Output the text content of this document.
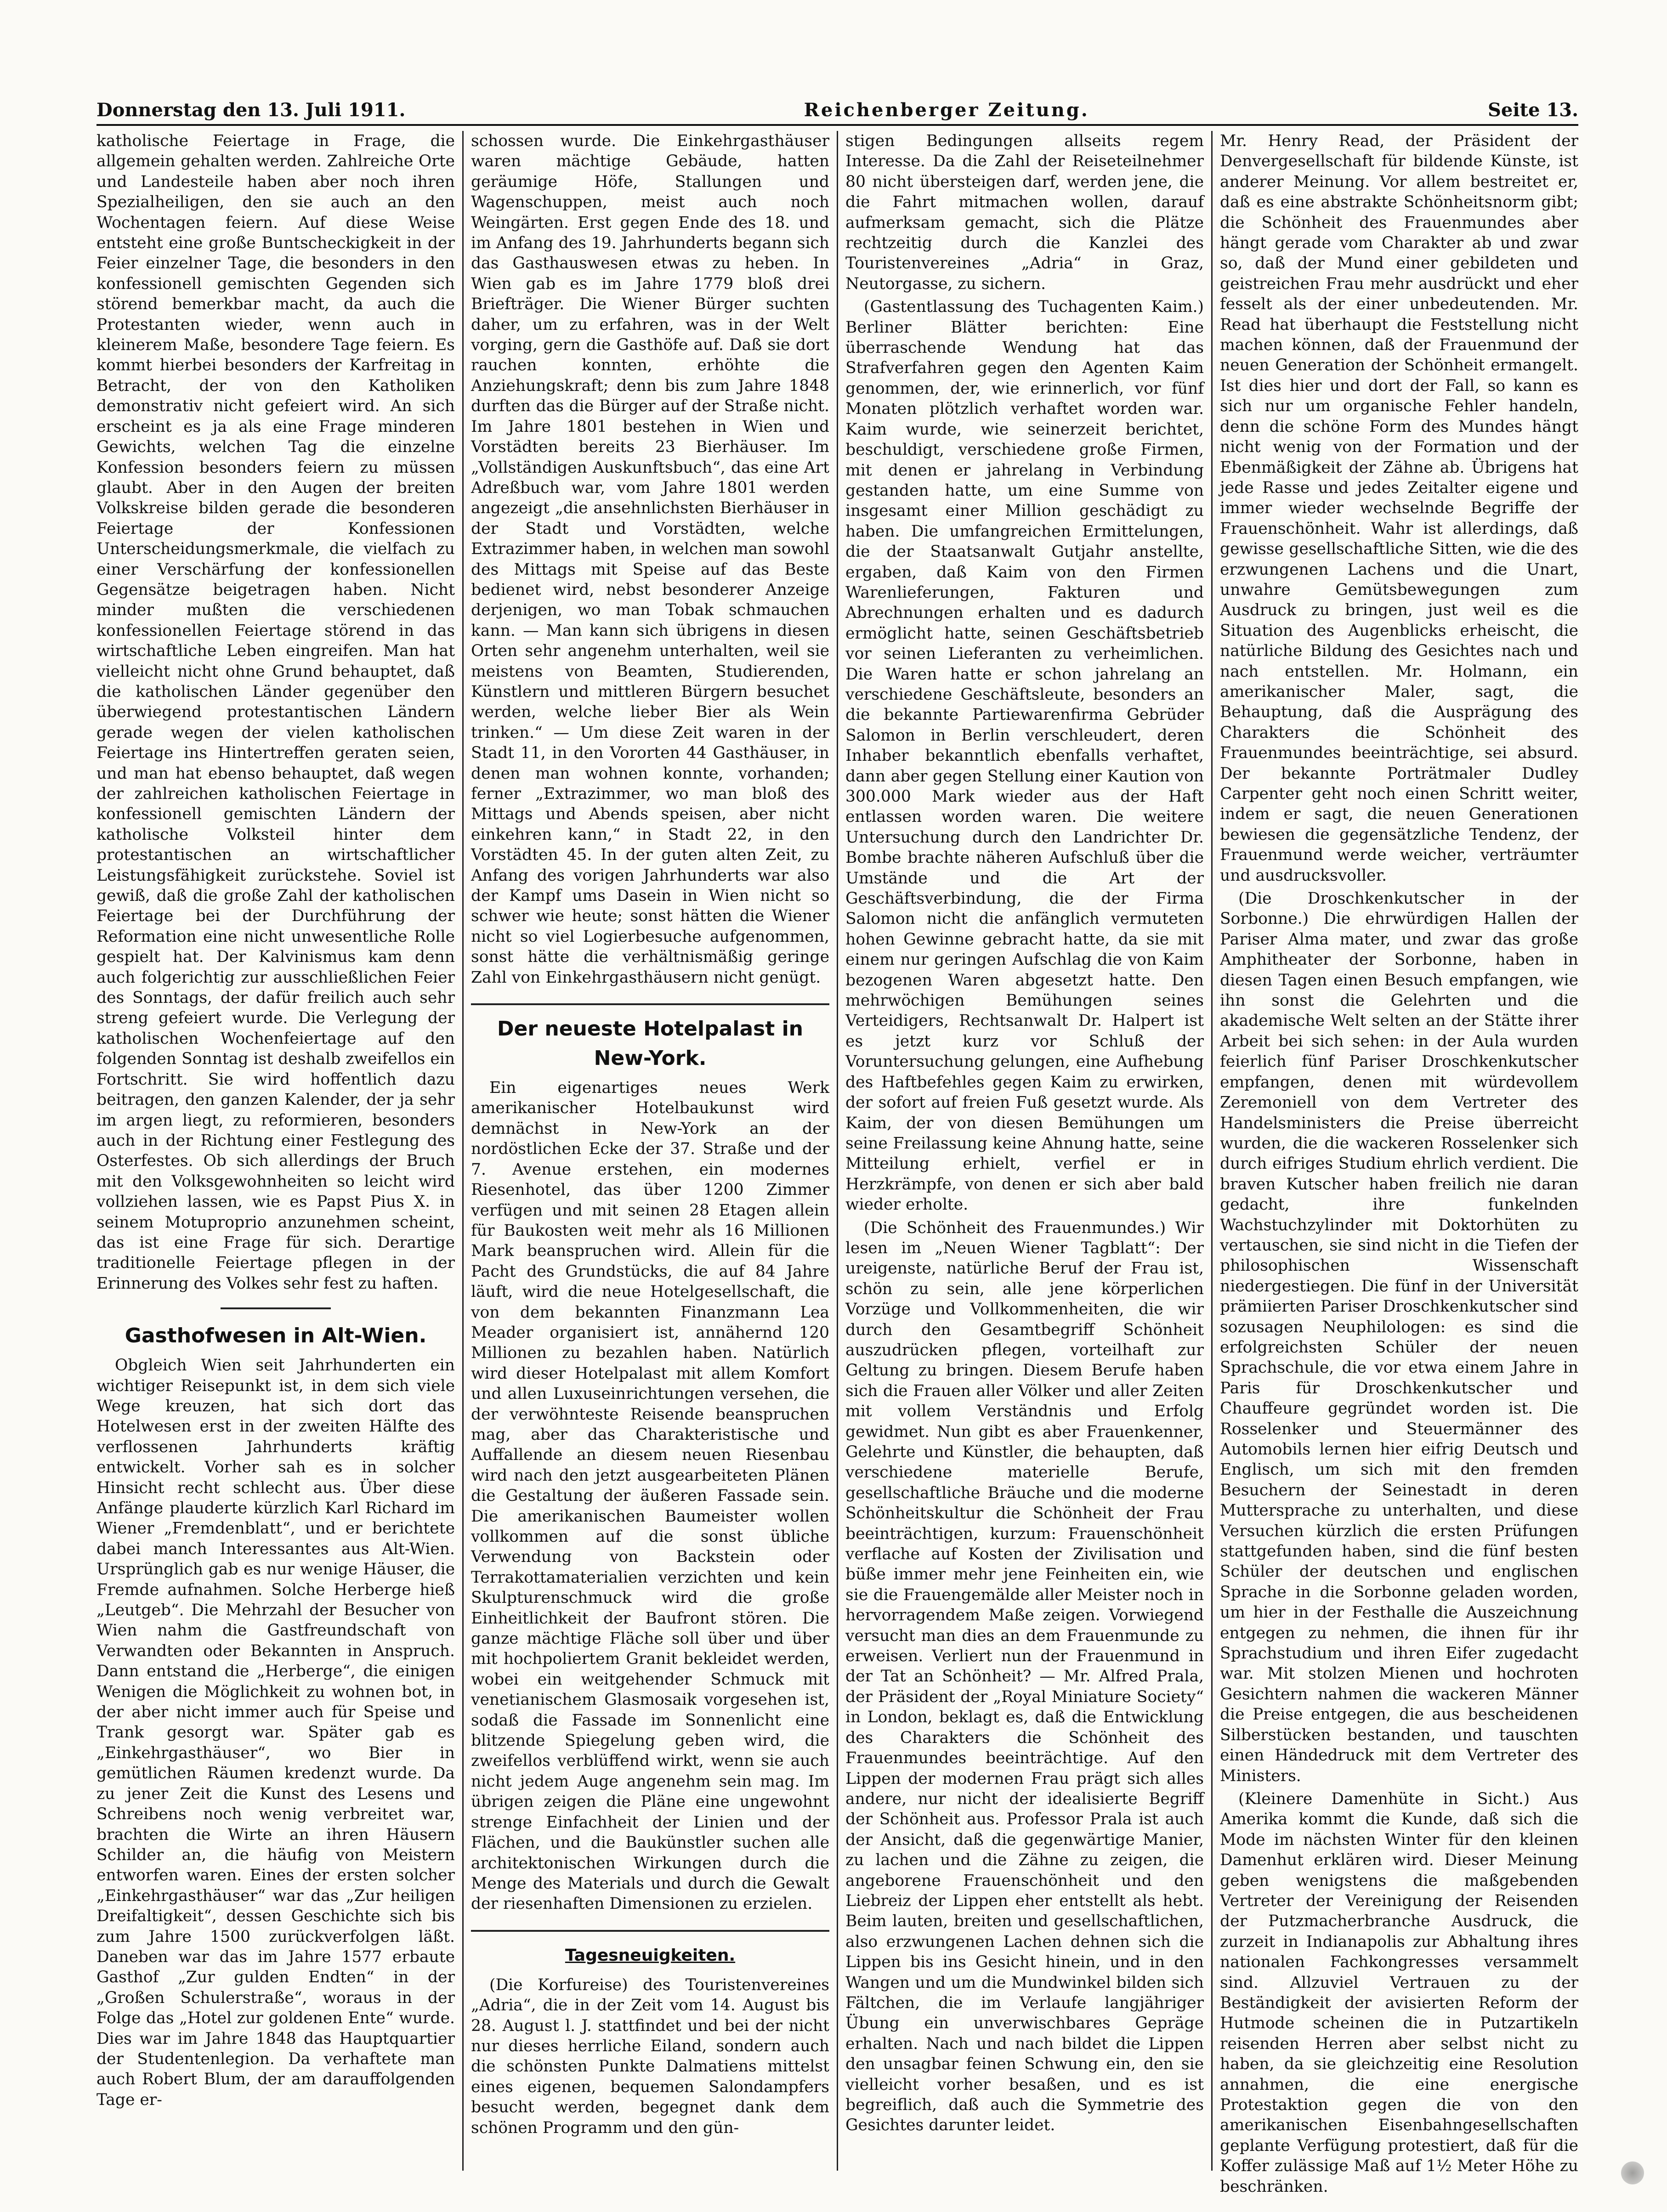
Donnerstag den 13. Juli 1911.	Reichenberger Zeitung.	Seite 13.

katholische Feiertage in Frage, die allgemein gehalten werden. Zahlreiche Orte und Landesteile haben aber noch ihren Spezialheiligen, den sie auch an den Wochentagen feiern. Auf diese Weise entsteht eine große Buntscheckigkeit in der Feier einzelner Tage, die besonders in den konfessionell gemischten Gegenden sich störend bemerkbar macht, da auch die Protestanten wieder, wenn auch in kleinerem Maße, besondere Tage feiern. Es kommt hierbei besonders der Karfreitag in Betracht, der von den Katholiken demonstrativ nicht gefeiert wird. An sich erscheint es ja als eine Frage minderen Gewichts, welchen Tag die einzelne Konfession besonders feiern zu müssen glaubt. Aber in den Augen der breiten Volkskreise bilden gerade die besonderen Feiertage der Konfessionen Unterscheidungsmerkmale, die vielfach zu einer Verschärfung der konfessionellen Gegensätze beigetragen haben. Nicht minder mußten die verschiedenen konfessionellen Feiertage störend in das wirtschaftliche Leben eingreifen. Man hat vielleicht nicht ohne Grund behauptet, daß die katholischen Länder gegenüber den überwiegend protestantischen Ländern gerade wegen der vielen katholischen Feiertage ins Hintertreffen geraten seien, und man hat ebenso behauptet, daß wegen der zahlreichen katholischen Feiertage in konfessionell gemischten Ländern der katholische Volksteil hinter dem protestantischen an wirtschaftlicher Leistungsfähigkeit zurückstehe. Soviel ist gewiß, daß die große Zahl der katholischen Feiertage bei der Durchführung der Reformation eine nicht unwesentliche Rolle gespielt hat. Der Kalvinismus kam denn auch folgerichtig zur ausschließlichen Feier des Sonntags, der dafür freilich auch sehr streng gefeiert wurde. Die Verlegung der katholischen Wochenfeiertage auf den folgenden Sonntag ist deshalb zweifellos ein Fortschritt. Sie wird hoffentlich dazu beitragen, den ganzen Kalender, der ja sehr im argen liegt, zu reformieren, besonders auch in der Richtung einer Festlegung des Osterfestes. Ob sich allerdings der Bruch mit den Volksgewohnheiten so leicht wird vollziehen lassen, wie es Papst Pius X. in seinem Motuproprio anzunehmen scheint, das ist eine Frage für sich. Derartige traditionelle Feiertage pflegen in der Erinnerung des Volkes sehr fest zu haften.

Gasthofwesen in Alt-Wien.

Obgleich Wien seit Jahrhunderten ein wichtiger Reisepunkt ist, in dem sich viele Wege kreuzen, hat sich dort das Hotelwesen erst in der zweiten Hälfte des verflossenen Jahrhunderts kräftig entwickelt. Vorher sah es in solcher Hinsicht recht schlecht aus. Über diese Anfänge plauderte kürzlich Karl Richard im Wiener „Fremdenblatt“, und er berichtete dabei manch Interessantes aus Alt-Wien. Ursprünglich gab es nur wenige Häuser, die Fremde aufnahmen. Solche Herberge hieß „Leutgeb“. Die Mehrzahl der Besucher von Wien nahm die Gastfreundschaft von Verwandten oder Bekannten in Anspruch. Dann entstand die „Herberge“, die einigen Wenigen die Möglichkeit zu wohnen bot, in der aber nicht immer auch für Speise und Trank gesorgt war. Später gab es „Einkehrgasthäuser“, wo Bier in gemütlichen Räumen kredenzt wurde. Da zu jener Zeit die Kunst des Lesens und Schreibens noch wenig verbreitet war, brachten die Wirte an ihren Häusern Schilder an, die häufig von Meistern entworfen waren. Eines der ersten solcher „Einkehrgasthäuser“ war das „Zur heiligen Dreifaltigkeit“, dessen Geschichte sich bis zum Jahre 1500 zurückverfolgen läßt. Daneben war das im Jahre 1577 erbaute Gasthof „Zur gulden Endten“ in der „Großen Schulerstraße“, woraus in der Folge das „Hotel zur goldenen Ente“ wurde. Dies war im Jahre 1848 das Hauptquartier der Studentenlegion. Da verhaftete man auch Robert Blum, der am darauffolgenden Tage er-

schossen wurde. Die Einkehrgasthäuser waren mächtige Gebäude, hatten geräumige Höfe, Stallungen und Wagenschuppen, meist auch noch Weingärten. Erst gegen Ende des 18. und im Anfang des 19. Jahrhunderts begann sich das Gasthauswesen etwas zu heben. In Wien gab es im Jahre 1779 bloß drei Briefträger. Die Wiener Bürger suchten daher, um zu erfahren, was in der Welt vorging, gern die Gasthöfe auf. Daß sie dort rauchen konnten, erhöhte die Anziehungskraft; denn bis zum Jahre 1848 durften das die Bürger auf der Straße nicht. Im Jahre 1801 bestehen in Wien und Vorstädten bereits 23 Bierhäuser. Im „Vollständigen Auskunftsbuch“, das eine Art Adreßbuch war, vom Jahre 1801 werden angezeigt „die ansehnlichsten Bierhäuser in der Stadt und Vorstädten, welche Extrazimmer haben, in welchen man sowohl des Mittags mit Speise auf das Beste bedienet wird, nebst besonderer Anzeige derjenigen, wo man Tobak schmauchen kann. — Man kann sich übrigens in diesen Orten sehr angenehm unterhalten, weil sie meistens von Beamten, Studierenden, Künstlern und mittleren Bürgern besuchet werden, welche lieber Bier als Wein trinken.“ — Um diese Zeit waren in der Stadt 11, in den Vororten 44 Gasthäuser, in denen man wohnen konnte, vorhanden; ferner „Extrazimmer, wo man bloß des Mittags und Abends speisen, aber nicht einkehren kann,“ in Stadt 22, in den Vorstädten 45. In der guten alten Zeit, zu Anfang des vorigen Jahrhunderts war also der Kampf ums Dasein in Wien nicht so schwer wie heute; sonst hätten die Wiener nicht so viel Logierbesuche aufgenommen, sonst hätte die verhältnismäßig geringe Zahl von Einkehrgasthäusern nicht genügt.

Der neueste Hotelpalast in New-York.

Ein eigenartiges neues Werk amerikanischer Hotelbaukunst wird demnächst in New-York an der nordöstlichen Ecke der 37. Straße und der 7. Avenue erstehen, ein modernes Riesenhotel, das über 1200 Zimmer verfügen und mit seinen 28 Etagen allein für Baukosten weit mehr als 16 Millionen Mark beanspruchen wird. Allein für die Pacht des Grundstücks, die auf 84 Jahre läuft, wird die neue Hotelgesellschaft, die von dem bekannten Finanzmann Lea Meader organisiert ist, annähernd 120 Millionen zu bezahlen haben. Natürlich wird dieser Hotelpalast mit allem Komfort und allen Luxuseinrichtungen versehen, die der verwöhnteste Reisende beanspruchen mag, aber das Charakteristische und Auffallende an diesem neuen Riesenbau wird nach den jetzt ausgearbeiteten Plänen die Gestaltung der äußeren Fassade sein. Die amerikanischen Baumeister wollen vollkommen auf die sonst übliche Verwendung von Backstein oder Terrakottamaterialien verzichten und kein Skulpturenschmuck wird die große Einheitlichkeit der Baufront stören. Die ganze mächtige Fläche soll über und über mit hochpoliertem Granit bekleidet werden, wobei ein weitgehender Schmuck mit venetianischem Glasmosaik vorgesehen ist, sodaß die Fassade im Sonnenlicht eine blitzende Spiegelung geben wird, die zweifellos verblüffend wirkt, wenn sie auch nicht jedem Auge angenehm sein mag. Im übrigen zeigen die Pläne eine ungewohnt strenge Einfachheit der Linien und der Flächen, und die Baukünstler suchen alle architektonischen Wirkungen durch die Menge des Materials und durch die Gewalt der riesenhaften Dimensionen zu erzielen.

Tagesneuigkeiten.

(Die Korfureise) des Touristenvereines „Adria“, die in der Zeit vom 14. August bis 28. August l. J. stattfindet und bei der nicht nur dieses herrliche Eiland, sondern auch die schönsten Punkte Dalmatiens mittelst eines eigenen, bequemen Salondampfers besucht werden, begegnet dank dem schönen Programm und den gün-

stigen Bedingungen allseits regem Interesse. Da die Zahl der Reiseteilnehmer 80 nicht übersteigen darf, werden jene, die die Fahrt mitmachen wollen, darauf aufmerksam gemacht, sich die Plätze rechtzeitig durch die Kanzlei des Touristenvereines „Adria“ in Graz, Neutorgasse, zu sichern.

(Gastentlassung des Tuchagenten Kaim.) Berliner Blätter berichten: Eine überraschende Wendung hat das Strafverfahren gegen den Agenten Kaim genommen, der, wie erinnerlich, vor fünf Monaten plötzlich verhaftet worden war. Kaim wurde, wie seinerzeit berichtet, beschuldigt, verschiedene große Firmen, mit denen er jahrelang in Verbindung gestanden hatte, um eine Summe von insgesamt einer Million geschädigt zu haben. Die umfangreichen Ermittelungen, die der Staatsanwalt Gutjahr anstellte, ergaben, daß Kaim von den Firmen Warenlieferungen, Fakturen und Abrechnungen erhalten und es dadurch ermöglicht hatte, seinen Geschäftsbetrieb vor seinen Lieferanten zu verheimlichen. Die Waren hatte er schon jahrelang an verschiedene Geschäftsleute, besonders an die bekannte Partiewarenfirma Gebrüder Salomon in Berlin verschleudert, deren Inhaber bekanntlich ebenfalls verhaftet, dann aber gegen Stellung einer Kaution von 300.000 Mark wieder aus der Haft entlassen worden waren. Die weitere Untersuchung durch den Landrichter Dr. Bombe brachte näheren Aufschluß über die Umstände und die Art der Geschäftsverbindung, die der Firma Salomon nicht die anfänglich vermuteten hohen Gewinne gebracht hatte, da sie mit einem nur geringen Aufschlag die von Kaim bezogenen Waren abgesetzt hatte. Den mehrwöchigen Bemühungen seines Verteidigers, Rechtsanwalt Dr. Halpert ist es jetzt kurz vor Schluß der Voruntersuchung gelungen, eine Aufhebung des Haftbefehles gegen Kaim zu erwirken, der sofort auf freien Fuß gesetzt wurde. Als Kaim, der von diesen Bemühungen um seine Freilassung keine Ahnung hatte, seine Mitteilung erhielt, verfiel er in Herzkrämpfe, von denen er sich aber bald wieder erholte.

(Die Schönheit des Frauenmundes.) Wir lesen im „Neuen Wiener Tagblatt“: Der ureigenste, natürliche Beruf der Frau ist, schön zu sein, alle jene körperlichen Vorzüge und Vollkommenheiten, die wir durch den Gesamtbegriff Schönheit auszudrücken pflegen, vorteilhaft zur Geltung zu bringen. Diesem Berufe haben sich die Frauen aller Völker und aller Zeiten mit vollem Verständnis und Erfolg gewidmet. Nun gibt es aber Frauenkenner, Gelehrte und Künstler, die behaupten, daß verschiedene materielle Berufe, gesellschaftliche Bräuche und die moderne Schönheitskultur die Schönheit der Frau beeinträchtigen, kurzum: Frauenschönheit verflache auf Kosten der Zivilisation und büße immer mehr jene Feinheiten ein, wie sie die Frauengemälde aller Meister noch in hervorragendem Maße zeigen. Vorwiegend versucht man dies an dem Frauenmunde zu erweisen. Verliert nun der Frauenmund in der Tat an Schönheit? — Mr. Alfred Prala, der Präsident der „Royal Miniature Society“ in London, beklagt es, daß die Entwicklung des Charakters die Schönheit des Frauenmundes beeinträchtige. Auf den Lippen der modernen Frau prägt sich alles andere, nur nicht der idealisierte Begriff der Schönheit aus. Professor Prala ist auch der Ansicht, daß die gegenwärtige Manier, zu lachen und die Zähne zu zeigen, die angeborene Frauenschönheit und den Liebreiz der Lippen eher entstellt als hebt. Beim lauten, breiten und gesellschaftlichen, also erzwungenen Lachen dehnen sich die Lippen bis ins Gesicht hinein, und in den Wangen und um die Mundwinkel bilden sich Fältchen, die im Verlaufe langjähriger Übung ein unverwischbares Gepräge erhalten. Nach und nach bildet die Lippen den unsagbar feinen Schwung ein, den sie vielleicht vorher besaßen, und es ist begreiflich, daß auch die Symmetrie des Gesichtes darunter leidet.

Mr. Henry Read, der Präsident der Denvergesellschaft für bildende Künste, ist anderer Meinung. Vor allem bestreitet er, daß es eine abstrakte Schönheitsnorm gibt; die Schönheit des Frauenmundes aber hängt gerade vom Charakter ab und zwar so, daß der Mund einer gebildeten und geistreichen Frau mehr ausdrückt und eher fesselt als der einer unbedeutenden. Mr. Read hat überhaupt die Feststellung nicht machen können, daß der Frauenmund der neuen Generation der Schönheit ermangelt. Ist dies hier und dort der Fall, so kann es sich nur um organische Fehler handeln, denn die schöne Form des Mundes hängt nicht wenig von der Formation und der Ebenmäßigkeit der Zähne ab. Übrigens hat jede Rasse und jedes Zeitalter eigene und immer wieder wechselnde Begriffe der Frauenschönheit. Wahr ist allerdings, daß gewisse gesellschaftliche Sitten, wie die des erzwungenen Lachens und die Unart, unwahre Gemütsbewegungen zum Ausdruck zu bringen, just weil es die Situation des Augenblicks erheischt, die natürliche Bildung des Gesichtes nach und nach entstellen. Mr. Holmann, ein amerikanischer Maler, sagt, die Behauptung, daß die Ausprägung des Charakters die Schönheit des Frauenmundes beeinträchtige, sei absurd. Der bekannte Porträtmaler Dudley Carpenter geht noch einen Schritt weiter, indem er sagt, die neuen Generationen bewiesen die gegensätzliche Tendenz, der Frauenmund werde weicher, verträumter und ausdrucksvoller.

(Die Droschkenkutscher in der Sorbonne.) Die ehrwürdigen Hallen der Pariser Alma mater, und zwar das große Amphitheater der Sorbonne, haben in diesen Tagen einen Besuch empfangen, wie ihn sonst die Gelehrten und die akademische Welt selten an der Stätte ihrer Arbeit bei sich sehen: in der Aula wurden feierlich fünf Pariser Droschkenkutscher empfangen, denen mit würdevollem Zeremoniell von dem Vertreter des Handelsministers die Preise überreicht wurden, die die wackeren Rosselenker sich durch eifriges Studium ehrlich verdient. Die braven Kutscher haben freilich nie daran gedacht, ihre funkelnden Wachstuchzylinder mit Doktorhüten zu vertauschen, sie sind nicht in die Tiefen der philosophischen Wissenschaft niedergestiegen. Die fünf in der Universität prämiierten Pariser Droschkenkutscher sind sozusagen Neuphilologen: es sind die erfolgreichsten Schüler der neuen Sprachschule, die vor etwa einem Jahre in Paris für Droschkenkutscher und Chauffeure gegründet worden ist. Die Rosselenker und Steuermänner des Automobils lernen hier eifrig Deutsch und Englisch, um sich mit den fremden Besuchern der Seinestadt in deren Muttersprache zu unterhalten, und diese Versuchen kürzlich die ersten Prüfungen stattgefunden haben, sind die fünf besten Schüler der deutschen und englischen Sprache in die Sorbonne geladen worden, um hier in der Festhalle die Auszeichnung entgegen zu nehmen, die ihnen für ihr Sprachstudium und ihren Eifer zugedacht war. Mit stolzen Mienen und hochroten Gesichtern nahmen die wackeren Männer die Preise entgegen, die aus bescheidenen Silberstücken bestanden, und tauschten einen Händedruck mit dem Vertreter des Ministers.

(Kleinere Damenhüte in Sicht.) Aus Amerika kommt die Kunde, daß sich die Mode im nächsten Winter für den kleinen Damenhut erklären wird. Dieser Meinung geben wenigstens die maßgebenden Vertreter der Vereinigung der Reisenden der Putzmacherbranche Ausdruck, die zurzeit in Indianapolis zur Abhaltung ihres nationalen Fachkongresses versammelt sind. Allzuviel Vertrauen zu der Beständigkeit der avisierten Reform der Hutmode scheinen die in Putzartikeln reisenden Herren aber selbst nicht zu haben, da sie gleichzeitig eine Resolution annahmen, die eine energische Protestaktion gegen die von den amerikanischen Eisenbahngesellschaften geplante Verfügung protestiert, daß für die Koffer zulässige Maß auf 1½ Meter Höhe zu beschränken.
